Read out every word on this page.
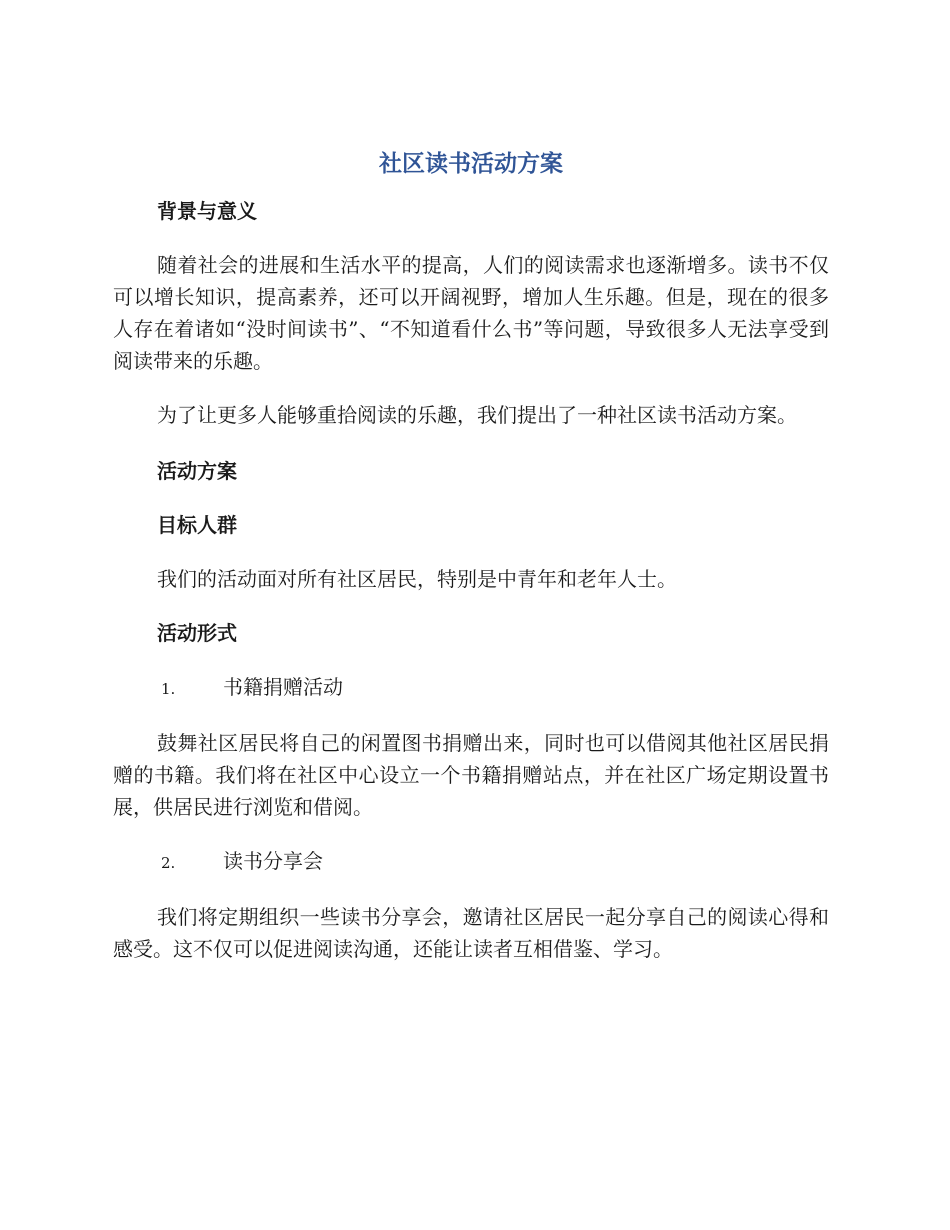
社区读书活动方案
背景与意义

随着社会的进展和生活水平的提高，人们的阅读需求也逐渐增多。读书不仅可以增长知识，提高素养，还可以开阔视野，增加人生乐趣。但是，现在的很多人存在着诸如“没时间读书”、“不知道看什么书”等问题，导致很多人无法享受到阅读带来的乐趣。

为了让更多人能够重拾阅读的乐趣，我们提出了一种社区读书活动方案。

活动方案
目标人群

我们的活动面对所有社区居民，特别是中青年和老年人士。

活动形式
1.	书籍捐赠活动

鼓舞社区居民将自己的闲置图书捐赠出来，同时也可以借阅其他社区居民捐赠的书籍。我们将在社区中心设立一个书籍捐赠站点，并在社区广场定期设置书展，供居民进行浏览和借阅。

2.	读书分享会

我们将定期组织一些读书分享会，邀请社区居民一起分享自己的阅读心得和感受。这不仅可以促进阅读沟通，还能让读者互相借鉴、学习。
